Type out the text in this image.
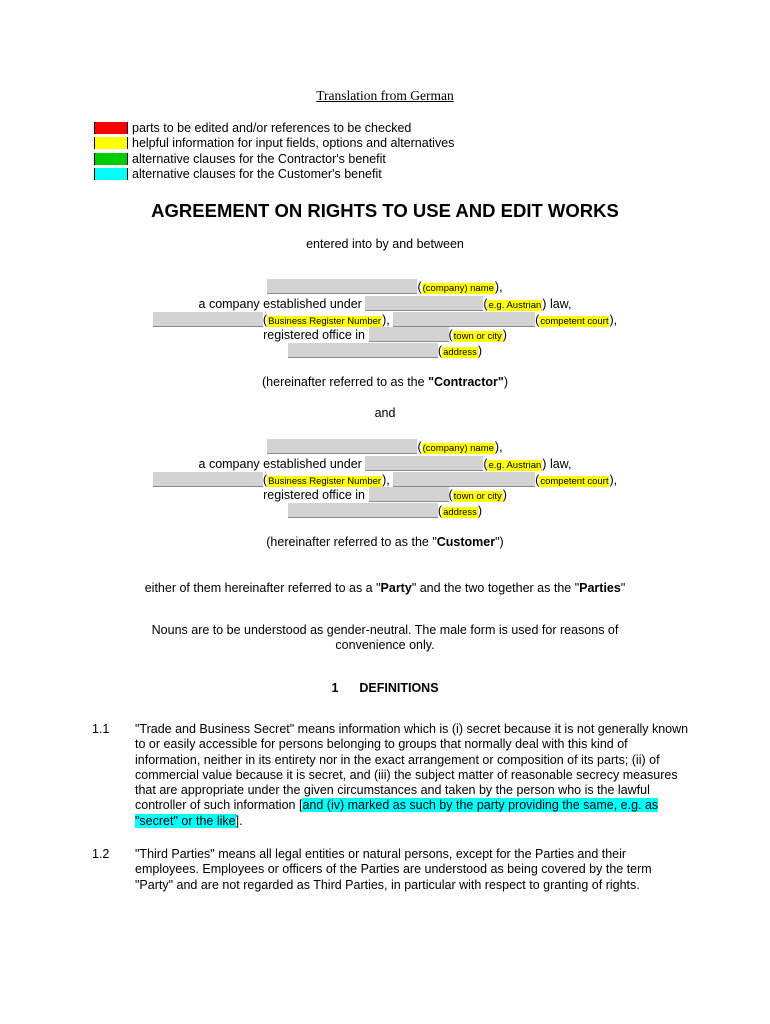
Translation from German
parts to be edited and/or references to be checked
helpful information for input fields, options and alternatives
alternative clauses for the Contractor's benefit
alternative clauses for the Customer's benefit
AGREEMENT ON RIGHTS TO USE AND EDIT WORKS
entered into by and between
((company) name),
a company established under	(e.g. Austrian) law,
(Business Register Number),	(competent court),
registered office in	(town or city)
(address)
(hereinafter referred to as the "Contractor")
and
((company) name),
a company established under	(e.g. Austrian) law,
(Business Register Number),	(competent court),
registered office in	(town or city)
(address)
(hereinafter referred to as the "Customer")
either of them hereinafter referred to as a "Party" and the two together as the "Parties"
Nouns are to be understood as gender-neutral. The male form is used for reasons of
convenience only.
1 DEFINITIONS
1.1 "Trade and Business Secret" means information which is (i) secret because it is not generally known to or easily accessible for persons belonging to groups that normally deal with this kind of information, neither in its entirety nor in the exact arrangement or composition of its parts; (ii) of commercial value because it is secret, and (iii) the subject matter of reasonable secrecy measures that are appropriate under the given circumstances and taken by the person who is the lawful controller of such information [and (iv) marked as such by the party providing the same, e.g. as "secret" or the like].
1.2 "Third Parties" means all legal entities or natural persons, except for the Parties and their employees. Employees or officers of the Parties are understood as being covered by the term "Party" and are not regarded as Third Parties, in particular with respect to granting of rights.
